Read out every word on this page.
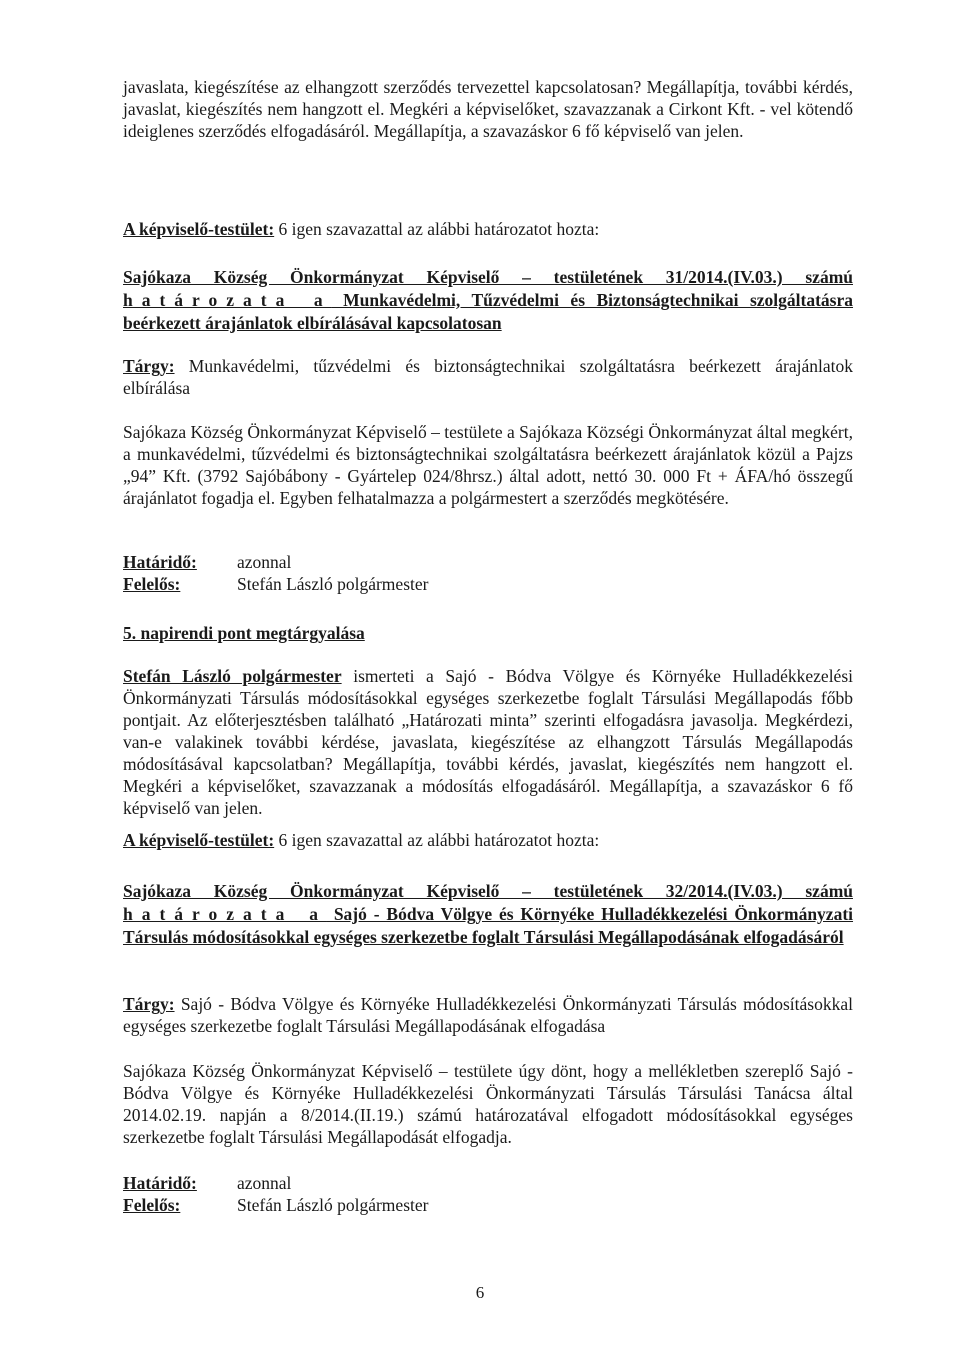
javaslata, kiegészítése az elhangzott szerződés tervezettel kapcsolatosan? Megállapítja, további kérdés, javaslat, kiegészítés nem hangzott el. Megkéri a képviselőket, szavazzanak a Cirkont Kft. - vel kötendő ideiglenes szerződés elfogadásáról. Megállapítja, a szavazáskor 6 fő képviselő van jelen.
A képviselő-testület: 6 igen szavazattal az alábbi határozatot hozta:
Sajókaza Község Önkormányzat Képviselő – testületének 31/2014.(IV.03.) számú határozata a Munkavédelmi, Tűzvédelmi és Biztonságtechnikai szolgáltatásra beérkezett árajánlatok elbírálásával kapcsolatosan
Tárgy: Munkavédelmi, tűzvédelmi és biztonságtechnikai szolgáltatásra beérkezett árajánlatok elbírálása
Sajókaza Község Önkormányzat Képviselő – testülete a Sajókaza Községi Önkormányzat által megkért, a munkavédelmi, tűzvédelmi és biztonságtechnikai szolgáltatásra beérkezett árajánlatok közül a Pajzs „94” Kft. (3792 Sajóbábony - Gyártelep 024/8hrsz.) által adott, nettó 30. 000 Ft + ÁFA/hó összegű árajánlatot fogadja el. Egyben felhatalmazza a polgármestert a szerződés megkötésére.
Határidő:	azonnal
Felelős:	Stefán László polgármester
5. napirendi pont megtárgyalása
Stefán László polgármester ismerteti a Sajó - Bódva Völgye és Környéke Hulladékkezelési Önkormányzati Társulás módosításokkal egységes szerkezetbe foglalt Társulási Megállapodás főbb pontjait. Az előterjesztésben található „Határozati minta” szerinti elfogadásra javasolja. Megkérdezi, van-e valakinek további kérdése, javaslata, kiegészítése az elhangzott Társulás Megállapodás módosításával kapcsolatban? Megállapítja, további kérdés, javaslat, kiegészítés nem hangzott el. Megkéri a képviselőket, szavazzanak a módosítás elfogadásáról. Megállapítja, a szavazáskor 6 fő képviselő van jelen.
A képviselő-testület: 6 igen szavazattal az alábbi határozatot hozta:
Sajókaza Község Önkormányzat Képviselő – testületének 32/2014.(IV.03.) számú határozata a Sajó - Bódva Völgye és Környéke Hulladékkezelési Önkormányzati Társulás módosításokkal egységes szerkezetbe foglalt Társulási Megállapodásának elfogadásáról
Tárgy: Sajó - Bódva Völgye és Környéke Hulladékkezelési Önkormányzati Társulás módosításokkal egységes szerkezetbe foglalt Társulási Megállapodásának elfogadása
Sajókaza Község Önkormányzat Képviselő – testülete úgy dönt, hogy a mellékletben szereplő Sajó - Bódva Völgye és Környéke Hulladékkezelési Önkormányzati Társulás Társulási Tanácsa által 2014.02.19. napján a 8/2014.(II.19.) számú határozatával elfogadott módosításokkal egységes szerkezetbe foglalt Társulási Megállapodását elfogadja.
Határidő:	azonnal
Felelős:	Stefán László polgármester
6
